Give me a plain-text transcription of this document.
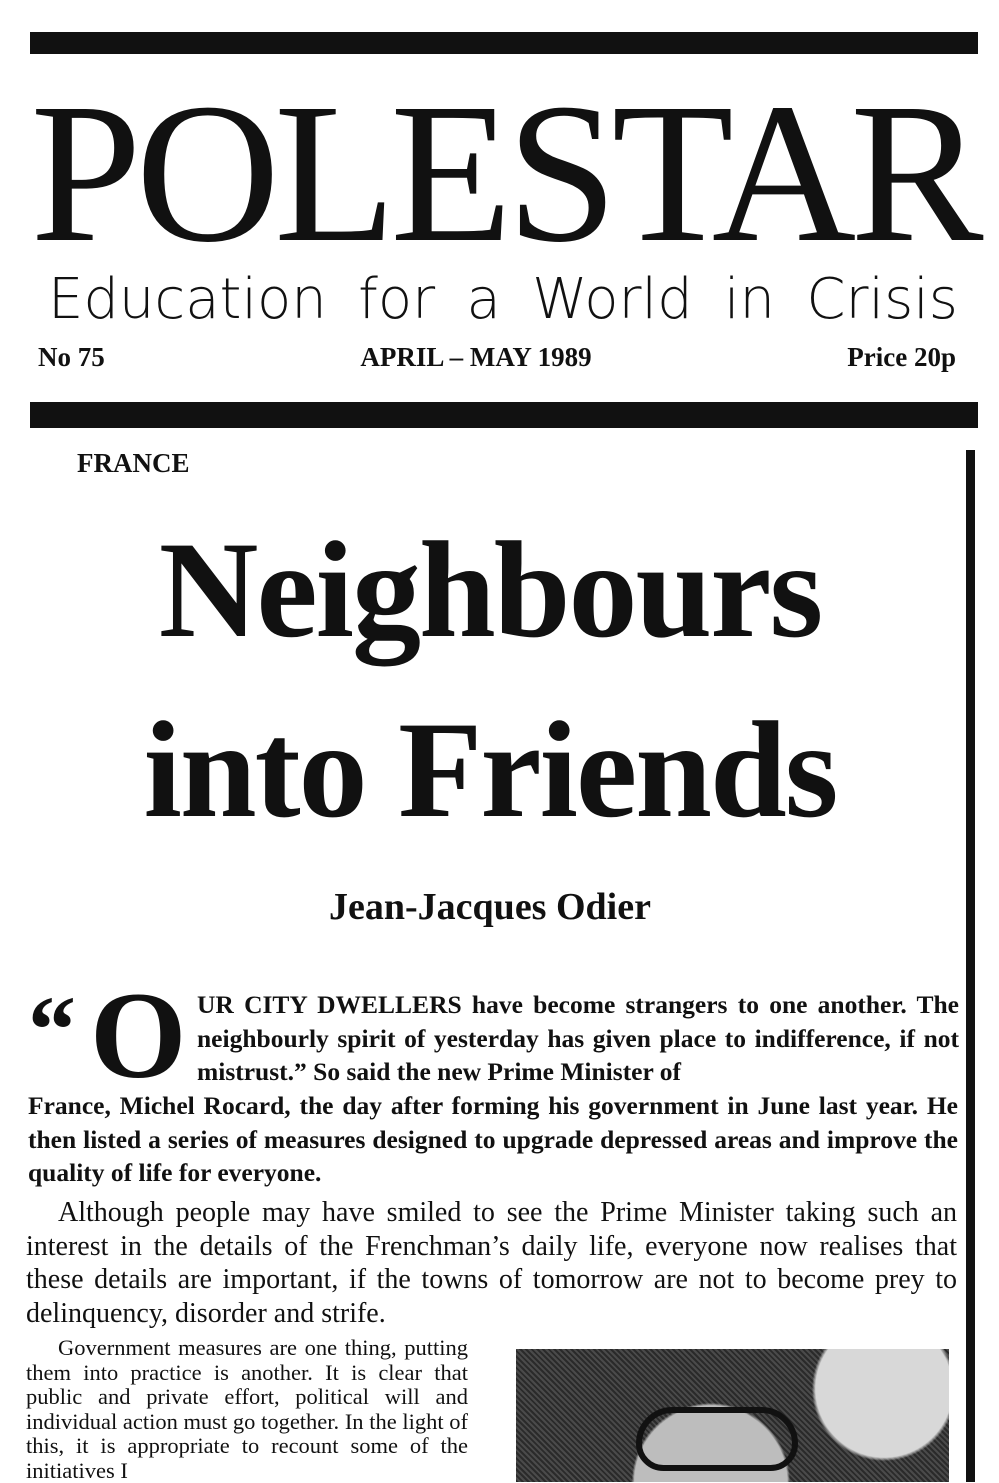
POLESTAR
Education for a World in Crisis
No 75	APRIL – MAY 1989	Price 20p
FRANCE
Neighbours
into Friends
Jean-Jacques Odier
“ O UR CITY DWELLERS have become strangers to one another. The neighbourly spirit of yesterday has given place to indifference, if not mistrust.” So said the new Prime Minister of
France, Michel Rocard, the day after forming his government in June last year. He then listed a series of measures designed to upgrade depressed areas and improve the quality of life for everyone.
Although people may have smiled to see the Prime Minister taking such an interest in the details of the Frenchman’s daily life, everyone now realises that these details are important, if the towns of tomorrow are not to become prey to delinquency, disorder and strife.
Government measures are one thing, putting them into practice is another. It is clear that public and private effort, political will and individual action must go together. In the light of this, it is appropriate to recount some of the initiatives I
